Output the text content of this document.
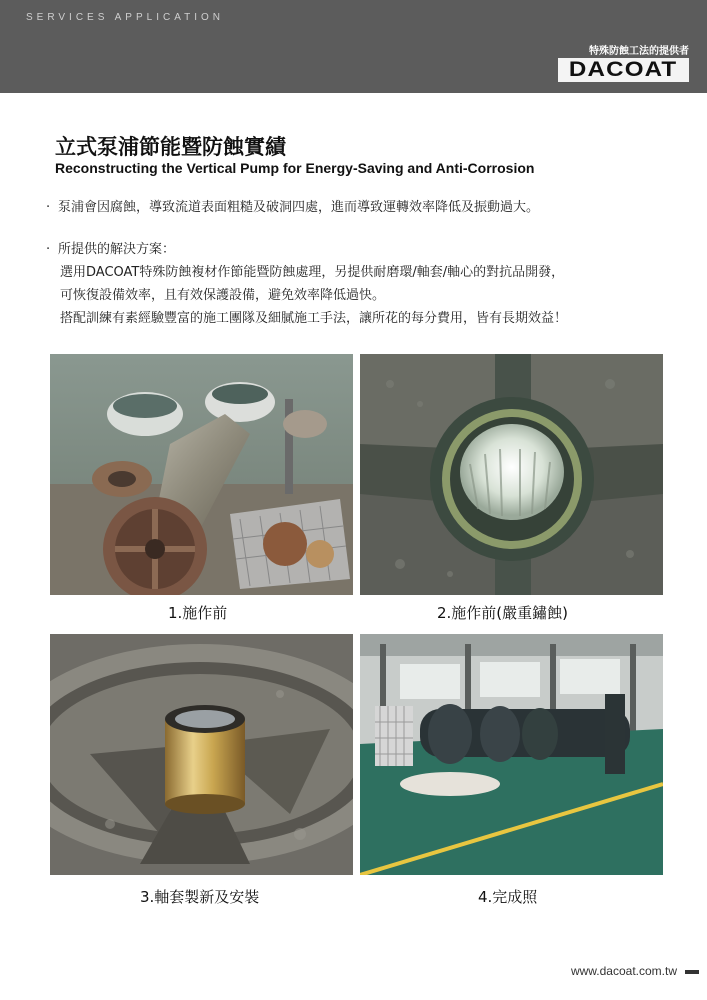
SERVICES APPLICATION
特殊防蝕工法的提供者
DACOAT
立式泵浦節能暨防蝕實績
Reconstructing the Vertical Pump for Energy-Saving and Anti-Corrosion
· 泵浦會因腐蝕，導致流道表面粗糙及破洞四處，進而導致運轉效率降低及振動過大。
· 所提供的解決方案：
選用DACOAT特殊防蝕複材作節能暨防蝕處理，另提供耐磨環/軸套/軸心的對抗品開發，
可恢復設備效率，且有效保護設備，避免效率降低過快。
搭配訓練有素經驗豐富的施工團隊及細膩施工手法，讓所花的每分費用，皆有長期效益！
1.施作前	2.施作前(嚴重鏽蝕)
3.軸套製新及安裝	4.完成照
www.dacoat.com.tw
